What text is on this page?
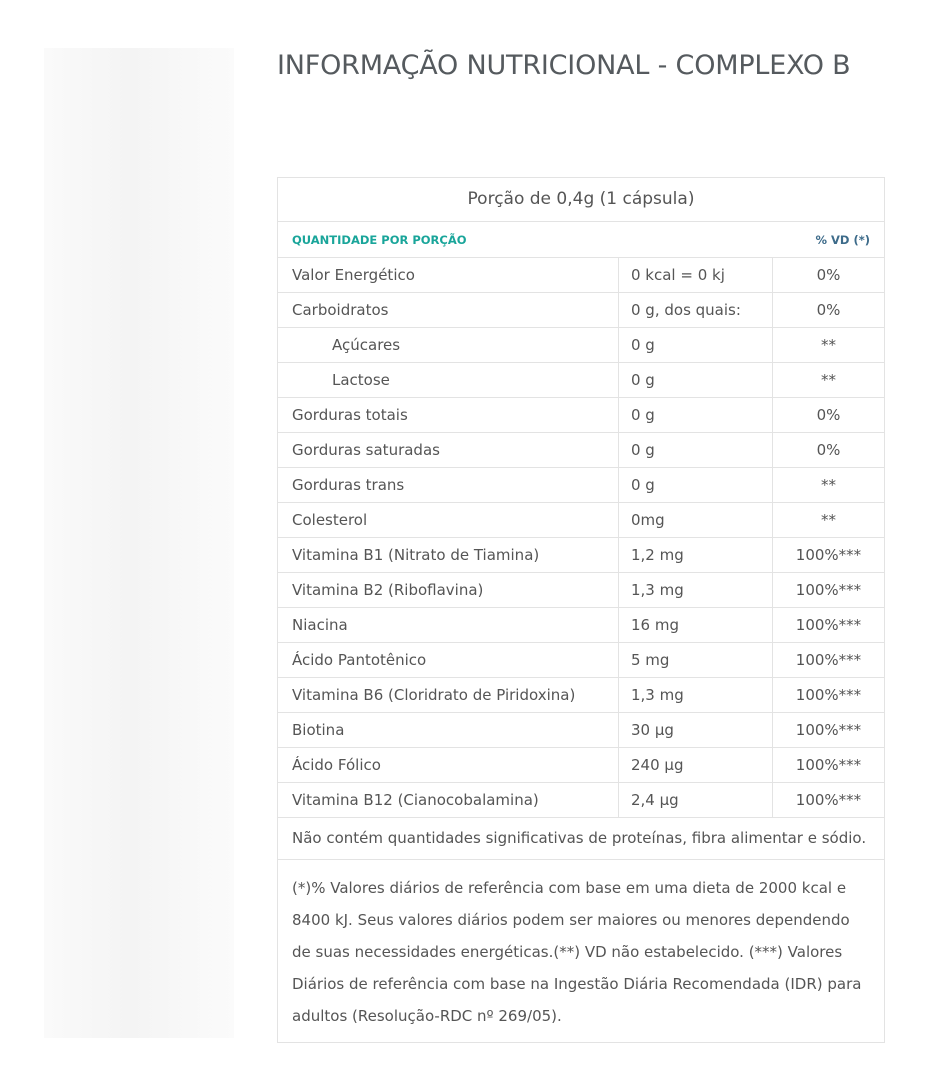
INFORMAÇÃO NUTRICIONAL - COMPLEXO B
Porção de 0,4g (1 cápsula)
QUANTIDADE POR PORÇÃO	% VD (*)
Valor Energético	0 kcal = 0 kj	0%
Carboidratos	0 g, dos quais:	0%
Açúcares	0 g	**
Lactose	0 g	**
Gorduras totais	0 g	0%
Gorduras saturadas	0 g	0%
Gorduras trans	0 g	**
Colesterol	0mg	**
Vitamina B1 (Nitrato de Tiamina)	1,2 mg	100%***
Vitamina B2 (Riboflavina)	1,3 mg	100%***
Niacina	16 mg	100%***
Ácido Pantotênico	5 mg	100%***
Vitamina B6 (Cloridrato de Piridoxina)	1,3 mg	100%***
Biotina	30 µg	100%***
Ácido Fólico	240 µg	100%***
Vitamina B12 (Cianocobalamina)	2,4 µg	100%***
Não contém quantidades significativas de proteínas, fibra alimentar e sódio.
(*)% Valores diários de referência com base em uma dieta de 2000 kcal e 8400 kJ. Seus valores diários podem ser maiores ou menores dependendo de suas necessidades energéticas.(**) VD não estabelecido. (***) Valores Diários de referência com base na Ingestão Diária Recomendada (IDR) para adultos (Resolução-RDC nº 269/05).
